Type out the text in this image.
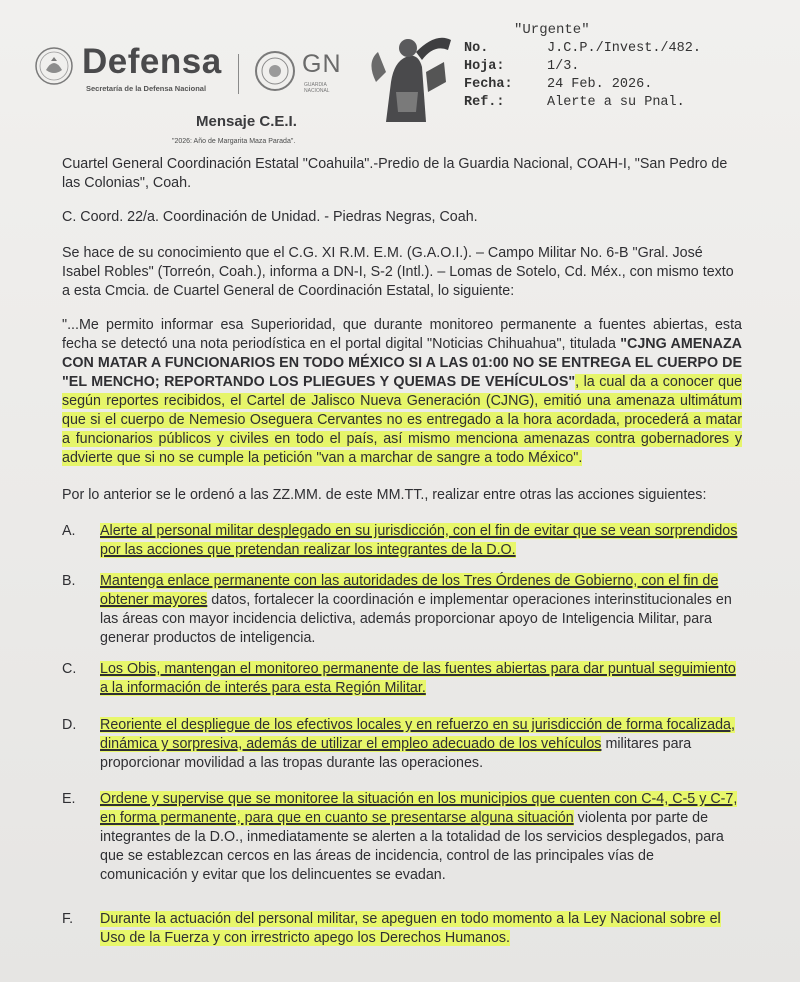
Defensa
Secretaría de la Defensa Nacional
GN
GUARDIA NACIONAL
"Urgente"
No.	J.C.P./Invest./482.
Hoja:	1/3.
Fecha:	24 Feb. 2026.
Ref.:	Alerte a su Pnal.
Mensaje C.E.I.
"2026: Año de Margarita Maza Parada".
Cuartel General Coordinación Estatal "Coahuila".-Predio de la Guardia Nacional, COAH-I, "San Pedro de las Colonias", Coah.
C. Coord. 22/a. Coordinación de Unidad. - Piedras Negras, Coah.
Se hace de su conocimiento que el C.G. XI R.M. E.M. (G.A.O.I.). – Campo Militar No. 6-B "Gral. José Isabel Robles" (Torreón, Coah.), informa a DN-I, S-2 (Intl.). – Lomas de Sotelo, Cd. Méx., con mismo texto a esta Cmcia. de Cuartel General de Coordinación Estatal, lo siguiente:
"...Me permito informar esa Superioridad, que durante monitoreo permanente a fuentes abiertas, esta fecha se detectó una nota periodística en el portal digital "Noticias Chihuahua", titulada "CJNG AMENAZA CON MATAR A FUNCIONARIOS EN TODO MÉXICO SI A LAS 01:00 NO SE ENTREGA EL CUERPO DE "EL MENCHO; REPORTANDO LOS PLIEGUES Y QUEMAS DE VEHÍCULOS", la cual da a conocer que según reportes recibidos, el Cartel de Jalisco Nueva Generación (CJNG), emitió una amenaza ultimátum que si el cuerpo de Nemesio Oseguera Cervantes no es entregado a la hora acordada, procederá a matar a funcionarios públicos y civiles en todo el país, así mismo menciona amenazas contra gobernadores y advierte que si no se cumple la petición "van a marchar de sangre a todo México".
Por lo anterior se le ordenó a las ZZ.MM. de este MM.TT., realizar entre otras las acciones siguientes:
A.	Alerte al personal militar desplegado en su jurisdicción, con el fin de evitar que se vean sorprendidos por las acciones que pretendan realizar los integrantes de la D.O.
B.	Mantenga enlace permanente con las autoridades de los Tres Órdenes de Gobierno, con el fin de obtener mayores datos, fortalecer la coordinación e implementar operaciones interinstitucionales en las áreas con mayor incidencia delictiva, además proporcionar apoyo de Inteligencia Militar, para generar productos de inteligencia.
C.	Los Obis, mantengan el monitoreo permanente de las fuentes abiertas para dar puntual seguimiento a la información de interés para esta Región Militar.
D.	Reoriente el despliegue de los efectivos locales y en refuerzo en su jurisdicción de forma focalizada, dinámica y sorpresiva, además de utilizar el empleo adecuado de los vehículos militares para proporcionar movilidad a las tropas durante las operaciones.
E.	Ordene y supervise que se monitoree la situación en los municipios que cuenten con C-4, C-5 y C-7, en forma permanente, para que en cuanto se presentarse alguna situación violenta por parte de integrantes de la D.O., inmediatamente se alerten a la totalidad de los servicios desplegados, para que se establezcan cercos en las áreas de incidencia, control de las principales vías de comunicación y evitar que los delincuentes se evadan.
F.	Durante la actuación del personal militar, se apeguen en todo momento a la Ley Nacional sobre el Uso de la Fuerza y con irrestricto apego los Derechos Humanos.
